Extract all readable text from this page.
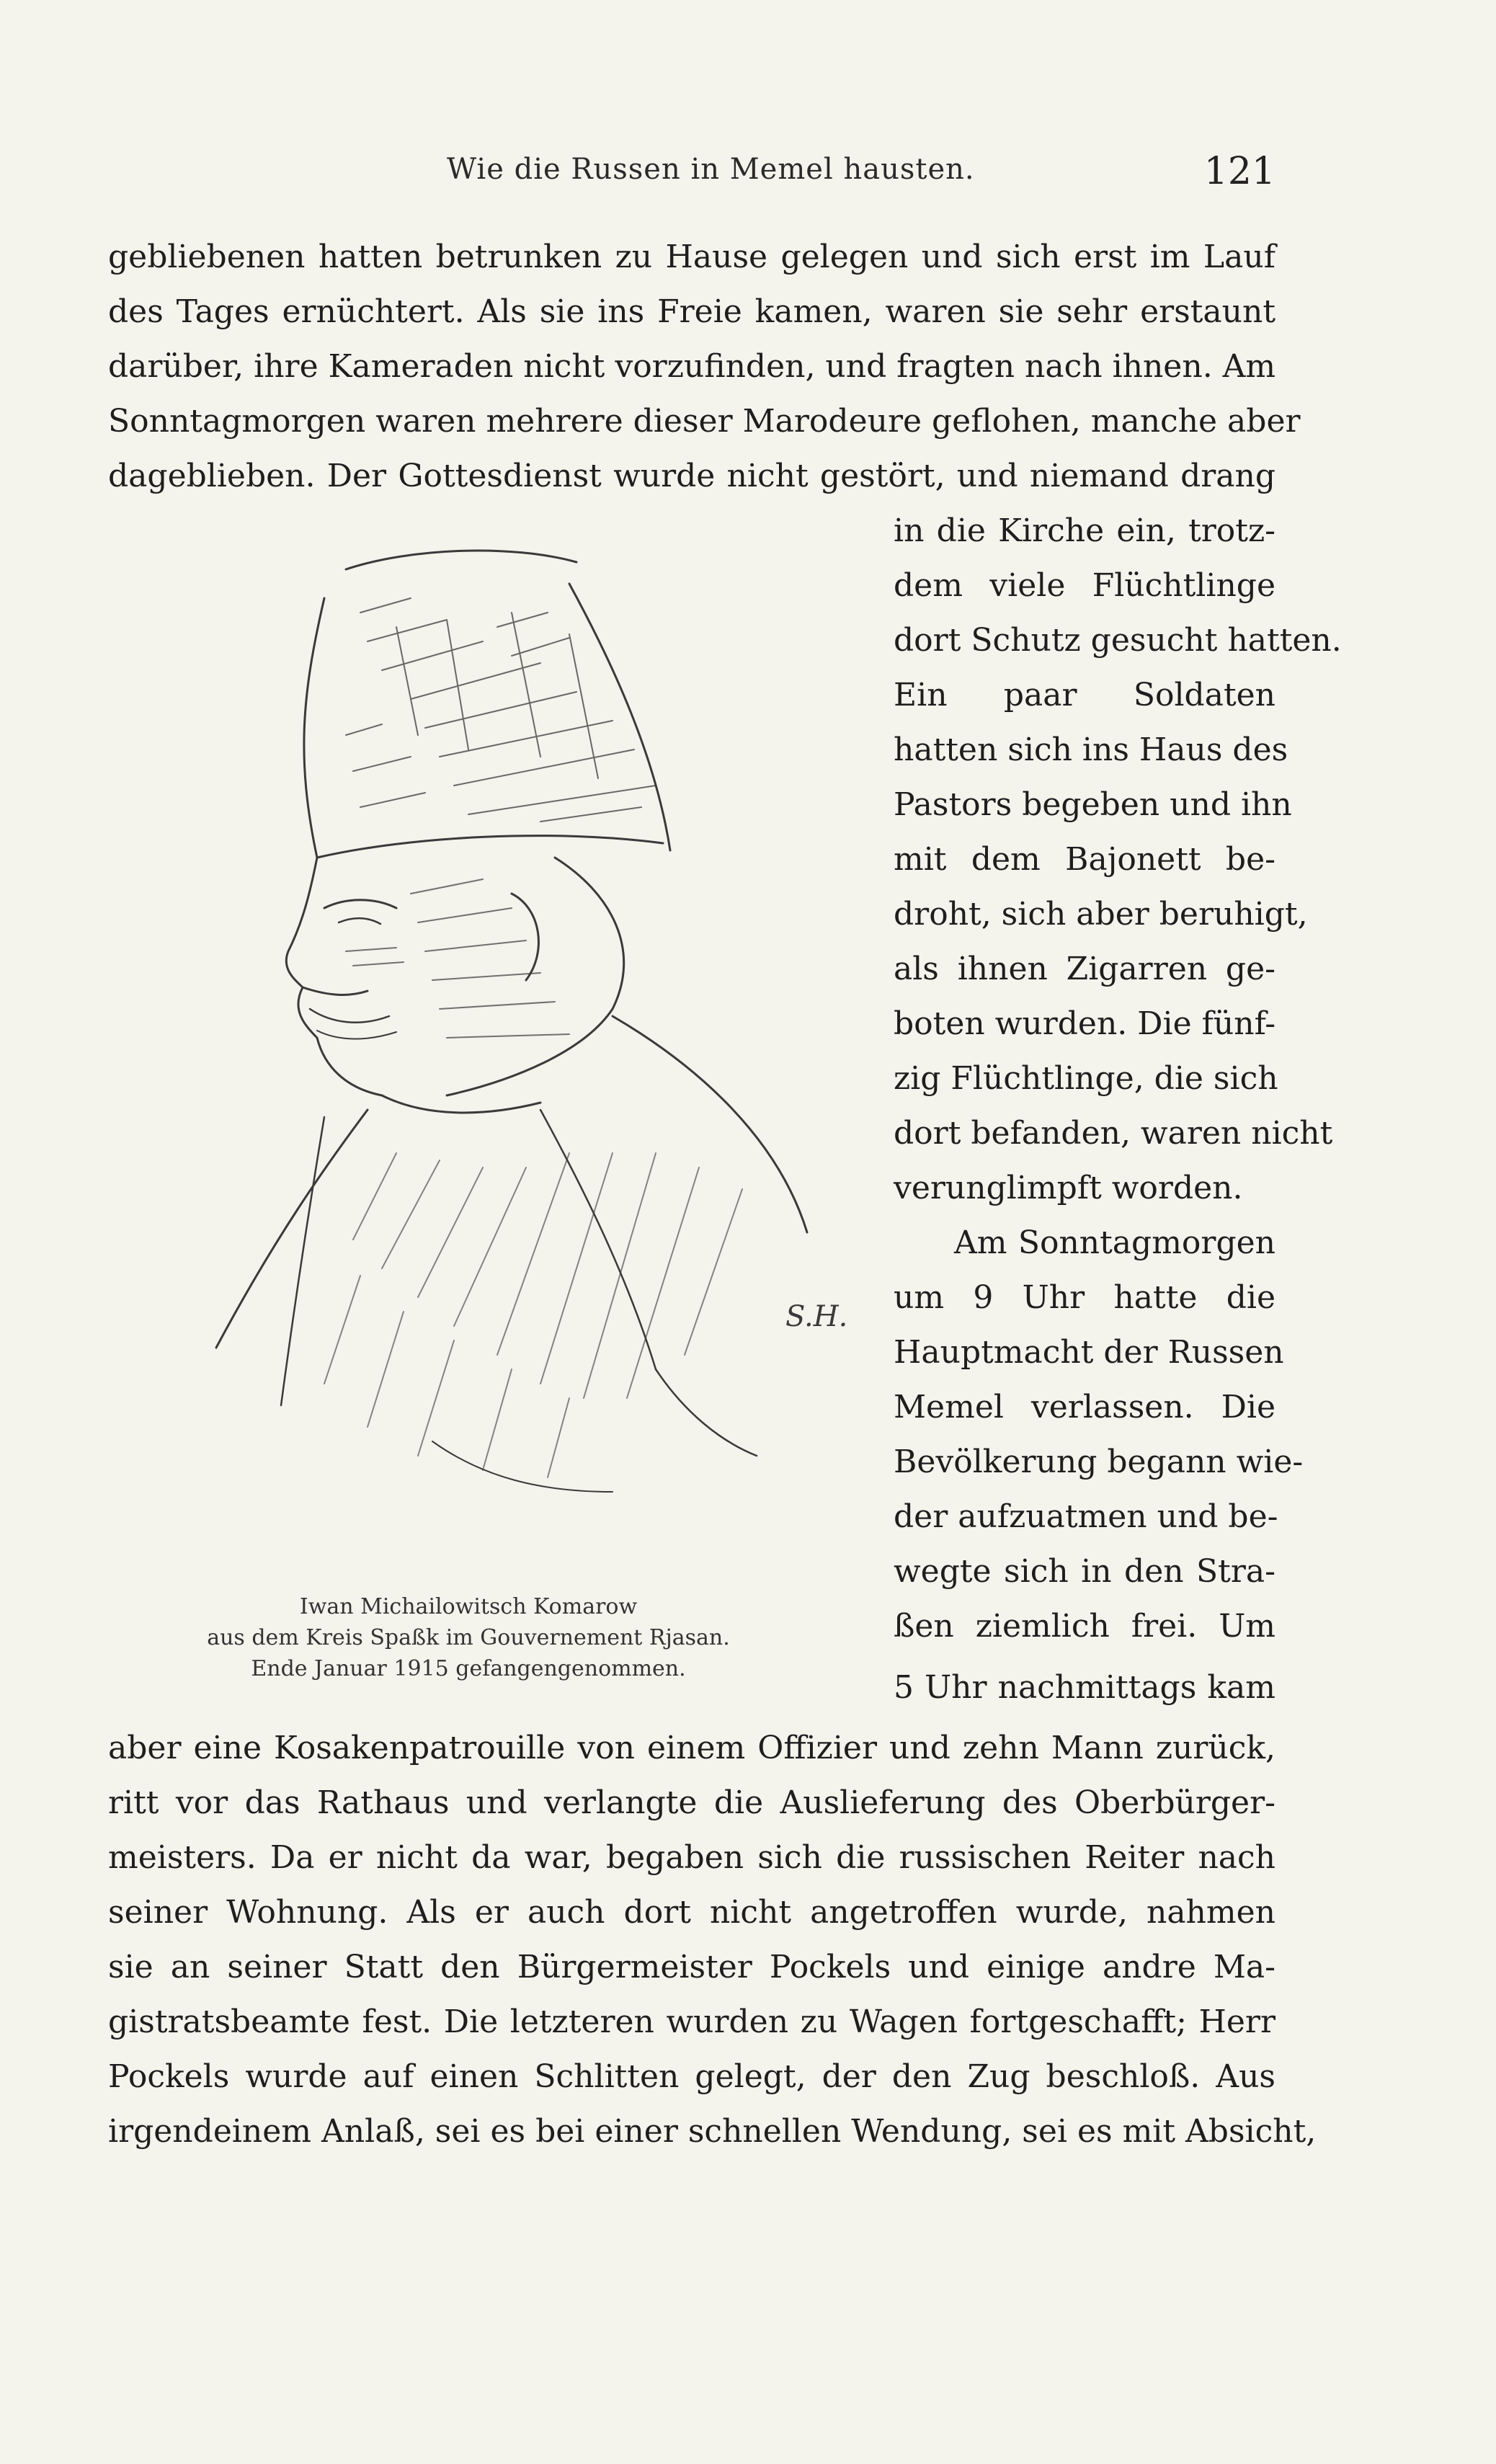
Wie die Russen in Memel hausten.	121
gebliebenen hatten betrunken zu Hause gelegen und sich erst im Lauf
des Tages ernüchtert. Als sie ins Freie kamen, waren sie sehr erstaunt
darüber, ihre Kameraden nicht vorzufinden, und fragten nach ihnen. Am
Sonntagmorgen waren mehrere dieser Marodeure geflohen, manche aber
dageblieben. Der Gottesdienst wurde nicht gestört, und niemand drang
in die Kirche ein, trotz-
dem viele Flüchtlinge
dort Schutz gesucht hatten.
Ein paar Soldaten
hatten sich ins Haus des
Pastors begeben und ihn
mit dem Bajonett be-
droht, sich aber beruhigt,
als ihnen Zigarren ge-
boten wurden. Die fünf-
zig Flüchtlinge, die sich
dort befanden, waren nicht
verunglimpft worden.
Am Sonntagmorgen
um 9 Uhr hatte die
Hauptmacht der Russen
Memel verlassen. Die
Bevölkerung begann wie-
der aufzuatmen und be-
wegte sich in den Stra-
ßen ziemlich frei. Um
5 Uhr nachmittags kam
aber eine Kosakenpatrouille von einem Offizier und zehn Mann zurück,
ritt vor das Rathaus und verlangte die Auslieferung des Oberbürger-
meisters. Da er nicht da war, begaben sich die russischen Reiter nach
seiner Wohnung. Als er auch dort nicht angetroffen wurde, nahmen
sie an seiner Statt den Bürgermeister Pockels und einige andre Ma-
gistratsbeamte fest. Die letzteren wurden zu Wagen fortgeschafft; Herr
Pockels wurde auf einen Schlitten gelegt, der den Zug beschloß. Aus
irgendeinem Anlaß, sei es bei einer schnellen Wendung, sei es mit Absicht,
S.H.
Iwan Michailowitsch Komarow
aus dem Kreis Spaßk im Gouvernement Rjasan.
Ende Januar 1915 gefangengenommen.
